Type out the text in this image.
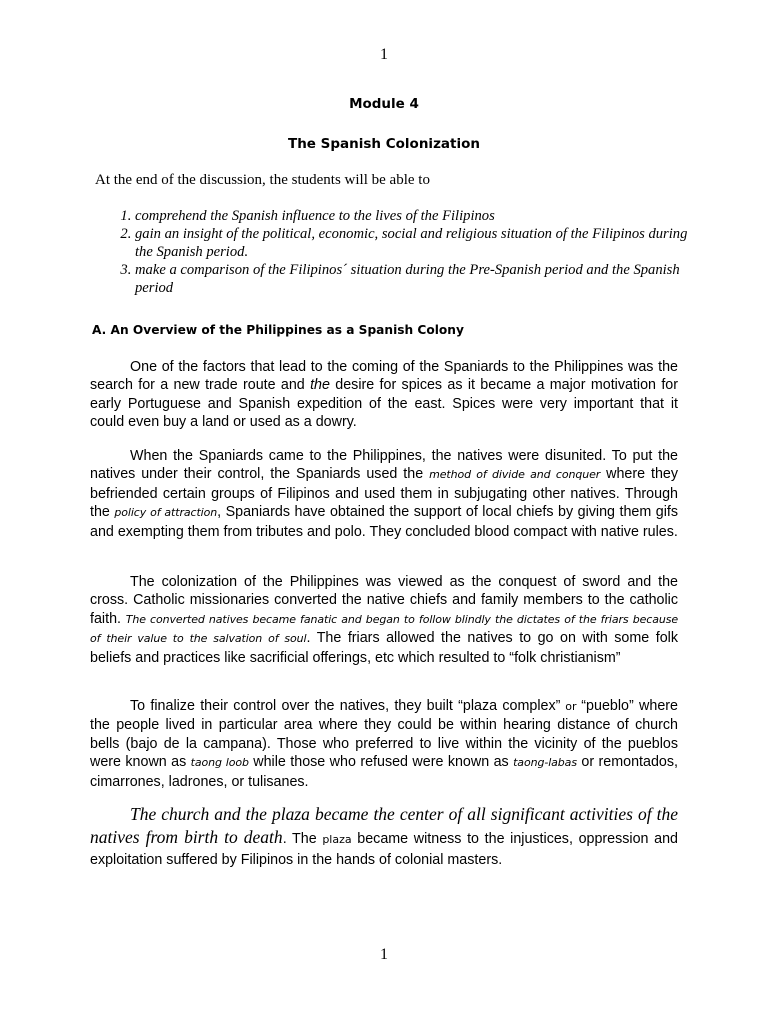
1
Module 4
The Spanish Colonization
At the end of the discussion, the students will be able to
1. comprehend the Spanish influence to the lives of the Filipinos
2. gain an insight of the political, economic, social and religious situation of the Filipinos during the Spanish period.
3. make a comparison of the Filipinos´ situation during the Pre-Spanish period and the Spanish period
A. An Overview of the Philippines as a Spanish Colony

One of the factors that lead to the coming of the Spaniards to the Philippines was the search for a new trade route and the desire for spices as it became a major motivation for early Portuguese and Spanish expedition of the east. Spices were very important that it could even buy a land or used as a dowry.

When the Spaniards came to the Philippines, the natives were disunited. To put the natives under their control, the Spaniards used the method of divide and conquer where they befriended certain groups of Filipinos and used them in subjugating other natives. Through the policy of attraction, Spaniards have obtained the support of local chiefs by giving them gifs and exempting them from tributes and polo. They concluded blood compact with native rules.

The colonization of the Philippines was viewed as the conquest of sword and the cross. Catholic missionaries converted the native chiefs and family members to the catholic faith. The converted natives became fanatic and began to follow blindly the dictates of the friars because of their value to the salvation of soul. The friars allowed the natives to go on with some folk beliefs and practices like sacrificial offerings, etc which resulted to “folk christianism”

To finalize their control over the natives, they built “plaza complex” or “pueblo” where the people lived in particular area where they could be within hearing distance of church bells (bajo de la campana). Those who preferred to live within the vicinity of the pueblos were known as taong loob while those who refused were known as taong-labas or remontados, cimarrones, ladrones, or tulisanes.

The church and the plaza became the center of all significant activities of the natives from birth to death. The plaza became witness to the injustices, oppression and exploitation suffered by Filipinos in the hands of colonial masters.

1
